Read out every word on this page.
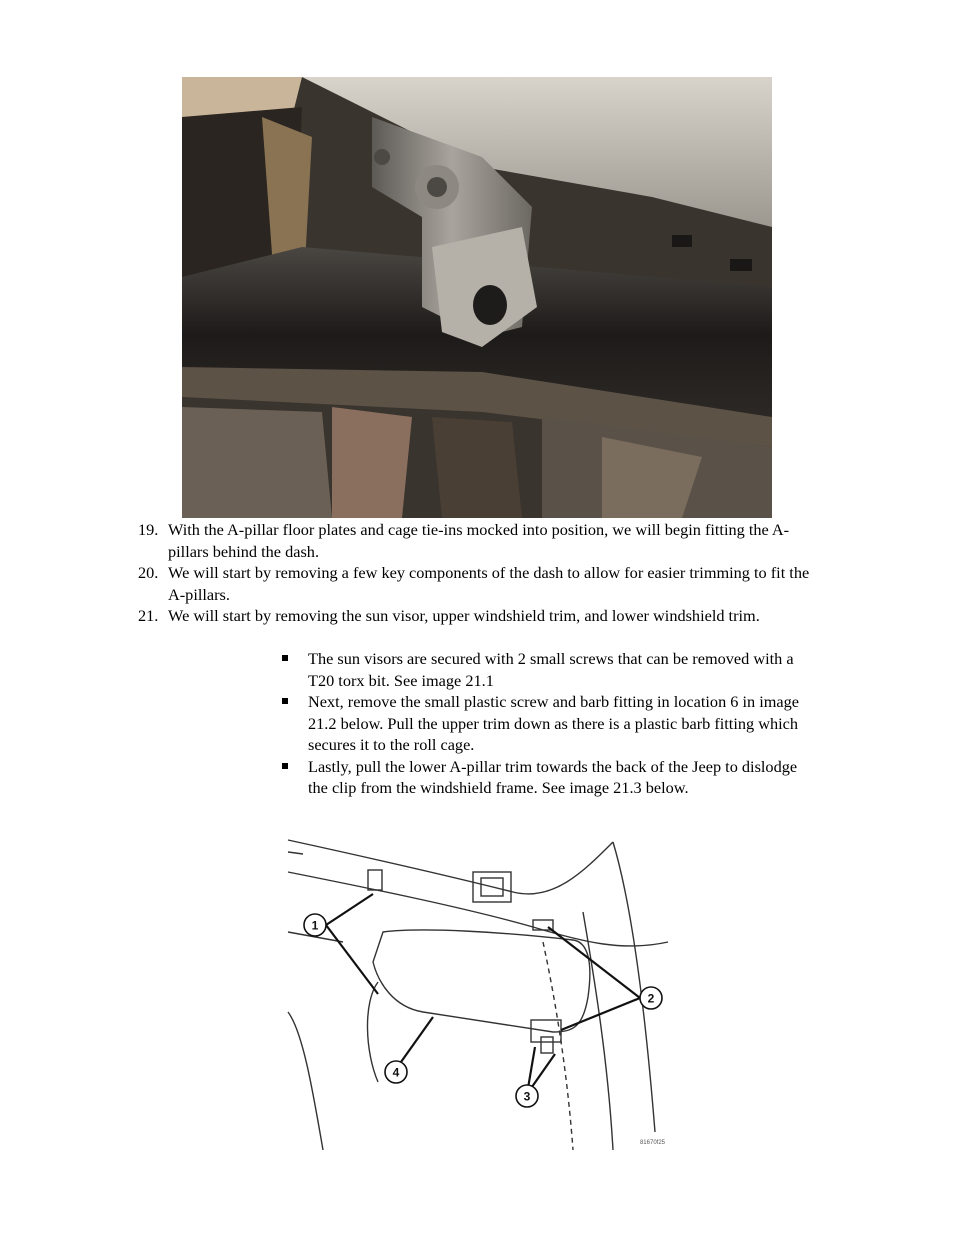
19. With the A-pillar floor plates and cage tie-ins mocked into position, we will begin fitting the A-pillars behind the dash.
20. We will start by removing a few key components of the dash to allow for easier trimming to fit the A-pillars.
21. We will start by removing the sun visor, upper windshield trim, and lower windshield trim.
The sun visors are secured with 2 small screws that can be removed with a T20 torx bit. See image 21.1
Next, remove the small plastic screw and barb fitting in location 6 in image 21.2 below. Pull the upper trim down as there is a plastic barb fitting which secures it to the roll cage.
Lastly, pull the lower A-pillar trim towards the back of the Jeep to dislodge the clip from the windshield frame. See image 21.3 below.
1
2
3
4
81670f25
